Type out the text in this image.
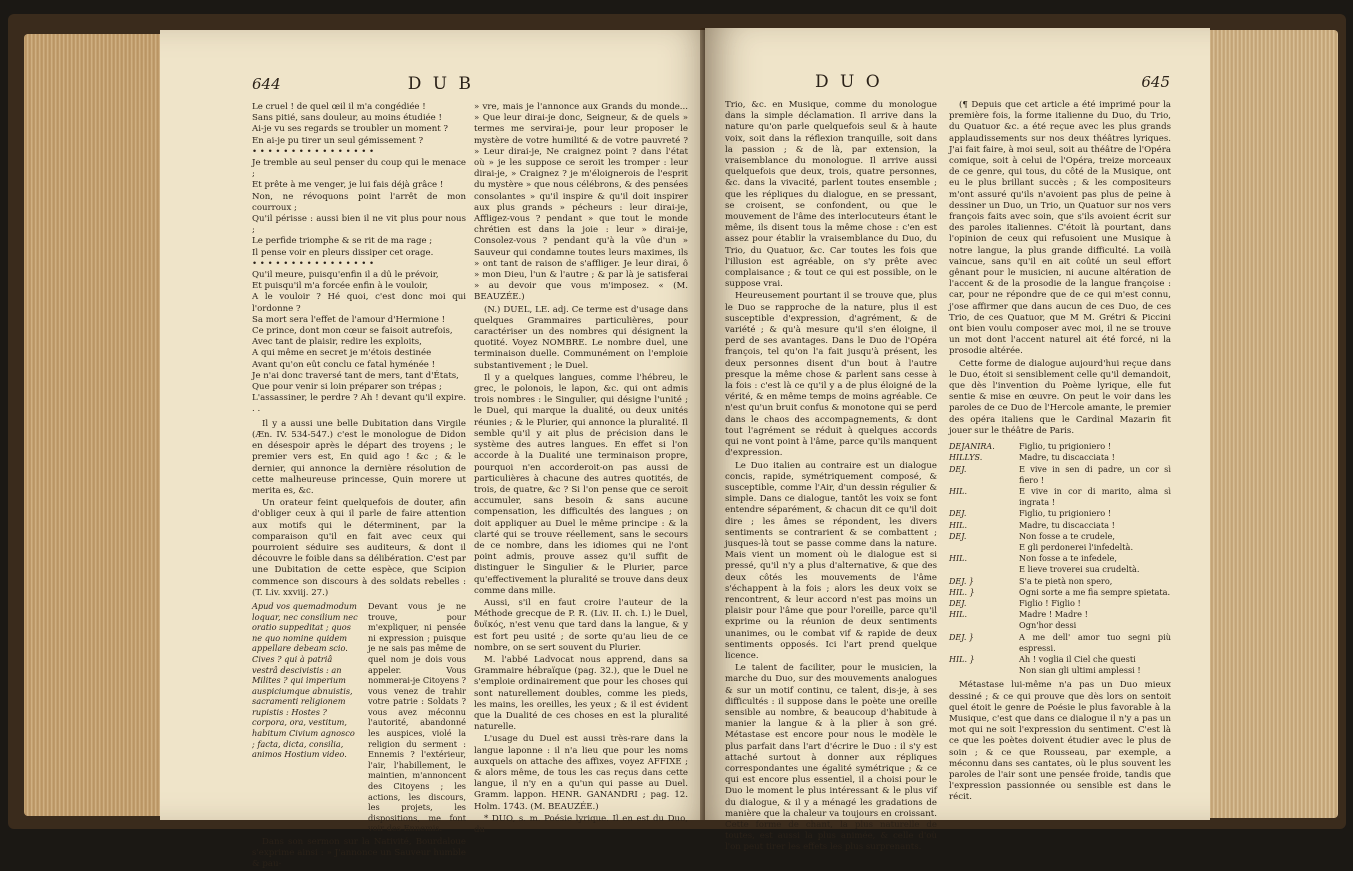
644	D U B

Le cruel ! de quel œil il m'a congédiée !

Sans pitié, sans douleur, au moins étudiée !

Ai-je vu ses regards se troubler un moment ?

En ai-je pu tirer un seul gémissement ?

• • • • • • • • • • • • • • • •

Je tremble au seul penser du coup qui le menace ;

Et prête à me venger, je lui fais déjà grâce !

Non, ne révoquons point l'arrêt de mon courroux ;

Qu'il périsse : aussi bien il ne vit plus pour nous ;

Le perfide triomphe & se rit de ma rage ;

Il pense voir en pleurs dissiper cet orage.

• • • • • • • • • • • • • • • •

Qu'il meure, puisqu'enfin il a dû le prévoir,

Et puisqu'il m'a forcée enfin à le vouloir,

A le vouloir ? Hé quoi, c'est donc moi qui l'ordonne ?

Sa mort sera l'effet de l'amour d'Hermione !

Ce prince, dont mon cœur se faisoit autrefois,

Avec tant de plaisir, redire les exploits,

A qui même en secret je m'étois destinée

Avant qu'on eût conclu ce fatal hyménée !

Je n'ai donc traversé tant de mers, tant d'États,

Que pour venir si loin préparer son trépas ;

L'assassiner, le perdre ? Ah ! devant qu'il expire. . .

Il y a aussi une belle Dubitation dans Virgile (Æn. IV. 534-547.) c'est le monologue de Didon en désespoir après le départ des troyens ; le premier vers est, En quid ago ! &c ; & le dernier, qui annonce la dernière résolution de cette malheureuse princesse, Quin morere ut merita es, &c.

Un orateur feint quelquefois de douter, afin d'obliger ceux à qui il parle de faire attention aux motifs qui le déterminent, par la comparaison qu'il en fait avec ceux qui pourroient séduire ses auditeurs, & dont il découvre le foible dans sa délibération. C'est par une Dubitation de cette espèce, que Scipion commence son discours à des soldats rebelles : (T. Liv. xxviij. 27.)

Apud vos quemadmodum loquar, nec consilium nec oratio suppeditat ; quos ne quo nomine quidem appellare debeam scio. Cives ? qui à patriâ vestrâ descivistis : an Milites ? qui imperium auspiciumque abnuistis, sacramenti religionem rupistis : Hostes ? corpora, ora, vestitum, habitum Civium agnosco ; facta, dicta, consilia, animos Hostium video.
Devant vous je ne trouve, pour m'expliquer, ni pensée ni expression ; puisque je ne sais pas même de quel nom je dois vous appeler. Vous nommerai-je Citoyens ? vous venez de trahir votre patrie : Soldats ? vous avez méconnu l'autorité, abandonné les auspices, violé la religion du serment : Ennemis ? l'extérieur, l'air, l'habillement, le maintien, m'annoncent des Citoyens ; les actions, les discours, les projets, les dispositions, me font voir des Ennemis.

Dans son sermon sur la Nativité, Bourdaloue s'exprime ainsi : » J'annonce un Sauveur humble & pau-

» vre, mais je l'annonce aux Grands du monde... » Que leur dirai-je donc, Seigneur, & de quels » termes me servirai-je, pour leur proposer le mystère de votre humilité & de votre pauvreté ? » Leur dirai-je, Ne craignez point ? dans l'état où » je les suppose ce seroit les tromper : leur dirai-je, » Craignez ? je m'éloignerois de l'esprit du mystère » que nous célébrons, & des pensées consolantes » qu'il inspire & qu'il doit inspirer aux plus grands » pécheurs : leur dirai-je, Affligez-vous ? pendant » que tout le monde chrétien est dans la joie : leur » dirai-je, Consolez-vous ? pendant qu'à la vûe d'un » Sauveur qui condamne toutes leurs maximes, ils » ont tant de raison de s'affliger. Je leur dirai, ô » mon Dieu, l'un & l'autre ; & par là je satisferai » au devoir que vous m'imposez. « (M. BEAUZÉE.)

(N.) DUEL, LE. adj. Ce terme est d'usage dans quelques Grammaires particulières, pour caractériser un des nombres qui désignent la quotité. Voyez NOMBRE. Le nombre duel, une terminaison duelle. Communément on l'emploie substantivement ; le Duel.

Il y a quelques langues, comme l'hébreu, le grec, le polonois, le lapon, &c. qui ont admis trois nombres : le Singulier, qui désigne l'unité ; le Duel, qui marque la dualité, ou deux unités réunies ; & le Plurier, qui annonce la pluralité. Il semble qu'il y ait plus de précision dans le système des autres langues. En effet si l'on accorde à la Dualité une terminaison propre, pourquoi n'en accorderoit-on pas aussi de particulières à chacune des autres quotités, de trois, de quatre, &c ? Si l'on pense que ce seroit accumuler, sans besoin & sans aucune compensation, les difficultés des langues ; on doit appliquer au Duel le même principe : & la clarté qui se trouve réellement, sans le secours de ce nombre, dans les idiomes qui ne l'ont point admis, prouve assez qu'il suffit de distinguer le Singulier & le Plurier, parce qu'effectivement la pluralité se trouve dans deux comme dans mille.

Aussi, s'il en faut croire l'auteur de la Méthode grecque de P. R. (Liv. II. ch. I.) le Duel, δυϊκός, n'est venu que tard dans la langue, & y est fort peu usité ; de sorte qu'au lieu de ce nombre, on se sert souvent du Plurier.

M. l'abbé Ladvocat nous apprend, dans sa Grammaire hébraïque (pag. 32.), que le Duel ne s'emploie ordinairement que pour les choses qui sont naturellement doubles, comme les pieds, les mains, les oreilles, les yeux ; & il est évident que la Dualité de ces choses en est la pluralité naturelle.

L'usage du Duel est aussi très-rare dans la langue laponne : il n'a lieu que pour les noms auxquels on attache des affixes, voyez AFFIXE ; & alors même, de tous les cas reçus dans cette langue, il n'y en a qu'un qui passe au Duel. Gramm. lappon. HENR. GANANDRI ; pag. 12. Holm. 1743. (M. BEAUZÉE.)

* DUO, s. m. Poésie lyrique. Il en est du Duo, du

D U O	645

Trio, &c. en Musique, comme du monologue dans la simple déclamation. Il arrive dans la nature qu'on parle quelquefois seul & à haute voix, soit dans la réflexion tranquille, soit dans la passion ; & de là, par extension, la vraisemblance du monologue. Il arrive aussi quelquefois que deux, trois, quatre personnes, &c. dans la vivacité, parlent toutes ensemble ; que les répliques du dialogue, en se pressant, se croisent, se confondent, ou que le mouvement de l'âme des interlocuteurs étant le même, ils disent tous la même chose : c'en est assez pour établir la vraisemblance du Duo, du Trio, du Quatuor, &c. Car toutes les fois que l'illusion est agréable, on s'y prête avec complaisance ; & tout ce qui est possible, on le suppose vrai.

Heureusement pourtant il se trouve que, plus le Duo se rapproche de la nature, plus il est susceptible d'expression, d'agrément, & de variété ; & qu'à mesure qu'il s'en éloigne, il perd de ses avantages. Dans le Duo de l'Opéra françois, tel qu'on l'a fait jusqu'à présent, les deux personnes disent d'un bout à l'autre presque la même chose & parlent sans cesse à la fois : c'est là ce qu'il y a de plus éloigné de la vérité, & en même temps de moins agréable. Ce n'est qu'un bruit confus & monotone qui se perd dans le chaos des accompagnements, & dont tout l'agrément se réduit à quelques accords qui ne vont point à l'âme, parce qu'ils manquent d'expression.

Le Duo italien au contraire est un dialogue concis, rapide, symétriquement composé, & susceptible, comme l'Air, d'un dessin régulier & simple. Dans ce dialogue, tantôt les voix se font entendre séparément, & chacun dit ce qu'il doit dire ; les âmes se répondent, les divers sentiments se contrarient & se combattent ; jusques-là tout se passe comme dans la nature. Mais vient un moment où le dialogue est si pressé, qu'il n'y a plus d'alternative, & que des deux côtés les mouvements de l'âme s'échappent à la fois ; alors les deux voix se rencontrent, & leur accord n'est pas moins un plaisir pour l'âme que pour l'oreille, parce qu'il exprime ou la réunion de deux sentiments unanimes, ou le combat vif & rapide de deux sentiments opposés. Ici l'art prend quelque licence.

Le talent de faciliter, pour le musicien, la marche du Duo, sur des mouvements analogues & sur un motif continu, ce talent, dis-je, à ses difficultés : il suppose dans le poète une oreille sensible au nombre, & beaucoup d'habitude à manier la langue & à la plier à son gré. Métastase est encore pour nous le modèle le plus parfait dans l'art d'écrire le Duo : il s'y est attaché surtout à donner aux répliques correspondantes une égalité symétrique ; & ce qui est encore plus essentiel, il a choisi pour le Duo le moment le plus intéressant & le plus vif du dialogue, & il y a ménagé les gradations de manière que la chaleur va toujours en croissant. Cette forme de chant, la plus naturelle de toutes, est aussi la plus animée, & celle d'où l'on peut tirer les effets les plus surprenants.

(¶ Depuis que cet article a été imprimé pour la première fois, la forme italienne du Duo, du Trio, du Quatuor &c. a été reçue avec les plus grands applaudissements sur nos deux théâtres lyriques. J'ai fait faire, à moi seul, soit au théâtre de l'Opéra comique, soit à celui de l'Opéra, treize morceaux de ce genre, qui tous, du côté de la Musique, ont eu le plus brillant succès ; & les compositeurs m'ont assuré qu'ils n'avoient pas plus de peine à dessiner un Duo, un Trio, un Quatuor sur nos vers françois faits avec soin, que s'ils avoient écrit sur des paroles italiennes. C'étoit là pourtant, dans l'opinion de ceux qui refusoient une Musique à notre langue, la plus grande difficulté. La voilà vaincue, sans qu'il en ait coûté un seul effort gênant pour le musicien, ni aucune altération de l'accent & de la prosodie de la langue françoise : car, pour ne répondre que de ce qui m'est connu, j'ose affirmer que dans aucun de ces Duo, de ces Trio, de ces Quatuor, que M M. Grétri & Piccini ont bien voulu composer avec moi, il ne se trouve un mot dont l'accent naturel ait été forcé, ni la prosodie altérée.

Cette forme de dialogue aujourd'hui reçue dans le Duo, étoit si sensiblement celle qu'il demandoit, que dès l'invention du Poème lyrique, elle fut sentie & mise en œuvre. On peut le voir dans les paroles de ce Duo de l'Hercole amante, le premier des opéra italiens que le Cardinal Mazarin fit jouer sur le théâtre de Paris.

DEJANIRA.	Figlio, tu prigioniero !
HILLYS.	Madre, tu discacciata !
DEJ.	E vive in sen di padre, un cor sì fiero !
HIL.	E vive in cor di marito, alma sì ingrata !
DEJ.	Figlio, tu prigioniero !
HIL.	Madre, tu discacciata !
DEJ.	Non fosse a te crudele,
E gli perdonerei l'infedeltà.
HIL.	Non fosse a te infedele,
E lieve troverei sua crudeltà.
DEJ. }	S'a te pietà non spero,
HIL. }	Ogni sorte a me fia sempre spietata.
DEJ.	Figlio ! Figlio !
HIL.	Madre ! Madre !
Ogn'hor dessi
DEJ. }	A me dell' amor tuo segni più espressi.
HIL. }	Ah ! voglia il Ciel che questi
Non sian gli ultimi amplessi !

Métastase lui-même n'a pas un Duo mieux dessiné ; & ce qui prouve que dès lors on sentoit quel étoit le genre de Poésie le plus favorable à la Musique, c'est que dans ce dialogue il n'y a pas un mot qui ne soit l'expression du sentiment. C'est là ce que les poètes doivent étudier avec le plus de soin ; & ce que Rousseau, par exemple, a méconnu dans ses cantates, où le plus souvent les paroles de l'air sont une pensée froide, tandis que l'expression passionnée ou sensible est dans le récit.
